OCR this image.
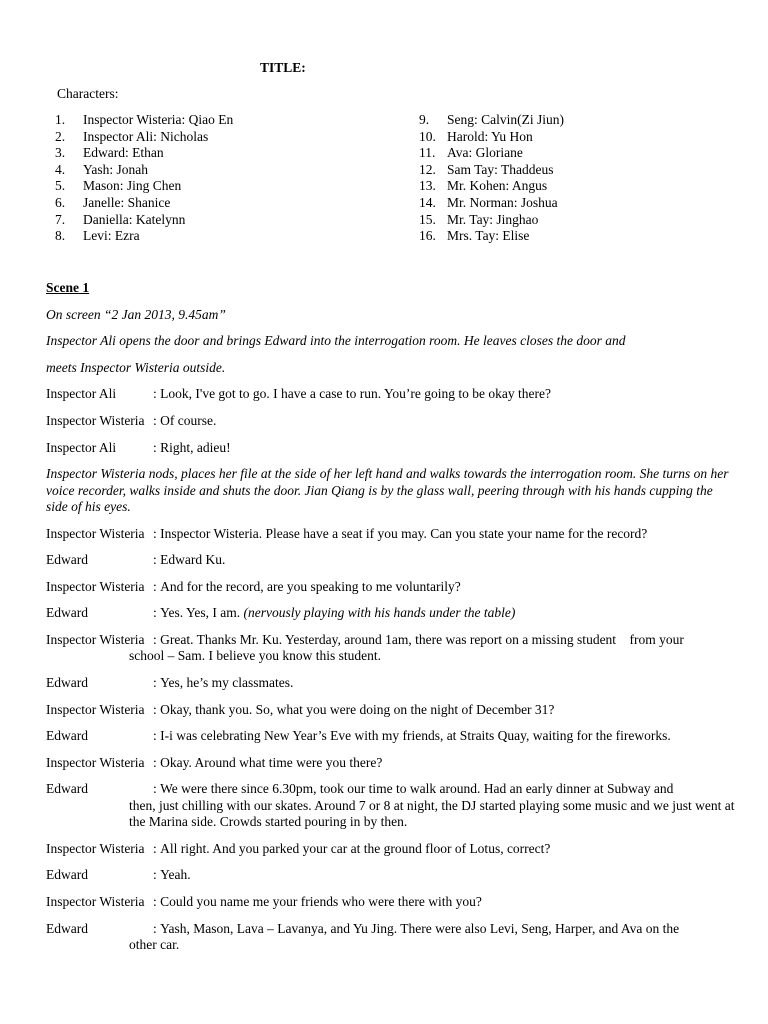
TITLE:
Characters:
1.	Inspector Wisteria: Qiao En
2.	Inspector Ali: Nicholas
3.	Edward: Ethan
4.	Yash: Jonah
5.	Mason: Jing Chen
6.	Janelle: Shanice
7.	Daniella: Katelynn
8.	Levi: Ezra
9.	Seng: Calvin(Zi Jiun)
10. Harold: Yu Hon
11. Ava: Gloriane
12. Sam Tay: Thaddeus
13. Mr. Kohen: Angus
14. Mr. Norman: Joshua
15. Mr. Tay: Jinghao
16. Mrs. Tay: Elise
Scene 1
On screen “2 Jan 2013, 9.45am”
Inspector Ali opens the door and brings Edward into the interrogation room. He leaves closes the door and
meets Inspector Wisteria outside.
Inspector Ali	: Look, I've got to go. I have a case to run. You’re going to be okay there?
Inspector Wisteria : Of course.
Inspector Ali	: Right, adieu!
Inspector Wisteria nods, places her file at the side of her left hand and walks towards the interrogation room. She turns on her voice recorder, walks inside and shuts the door. Jian Qiang is by the glass wall, peering through with his hands cupping the side of his eyes.
Inspector Wisteria : Inspector Wisteria. Please have a seat if you may. Can you state your name for the record?
Edward	: Edward Ku.
Inspector Wisteria : And for the record, are you speaking to me voluntarily?
Edward	: Yes. Yes, I am. (nervously playing with his hands under the table)
Inspector Wisteria : Great. Thanks Mr. Ku. Yesterday, around 1am, there was report on a missing student    from your
school – Sam. I believe you know this student.
Edward	: Yes, he’s my classmates.
Inspector Wisteria : Okay, thank you. So, what you were doing on the night of December 31?
Edward	: I-i was celebrating New Year’s Eve with my friends, at Straits Quay, waiting for the fireworks.
Inspector Wisteria : Okay. Around what time were you there?
Edward	: We were there since 6.30pm, took our time to walk around. Had an early dinner at Subway and
then, just chilling with our skates. Around 7 or 8 at night, the DJ started playing some music and we just went at the Marina side. Crowds started pouring in by then.
Inspector Wisteria : All right. And you parked your car at the ground floor of Lotus, correct?
Edward	: Yeah.
Inspector Wisteria : Could you name me your friends who were there with you?
Edward	: Yash, Mason, Lava – Lavanya, and Yu Jing. There were also Levi, Seng, Harper, and Ava on the
other car.
